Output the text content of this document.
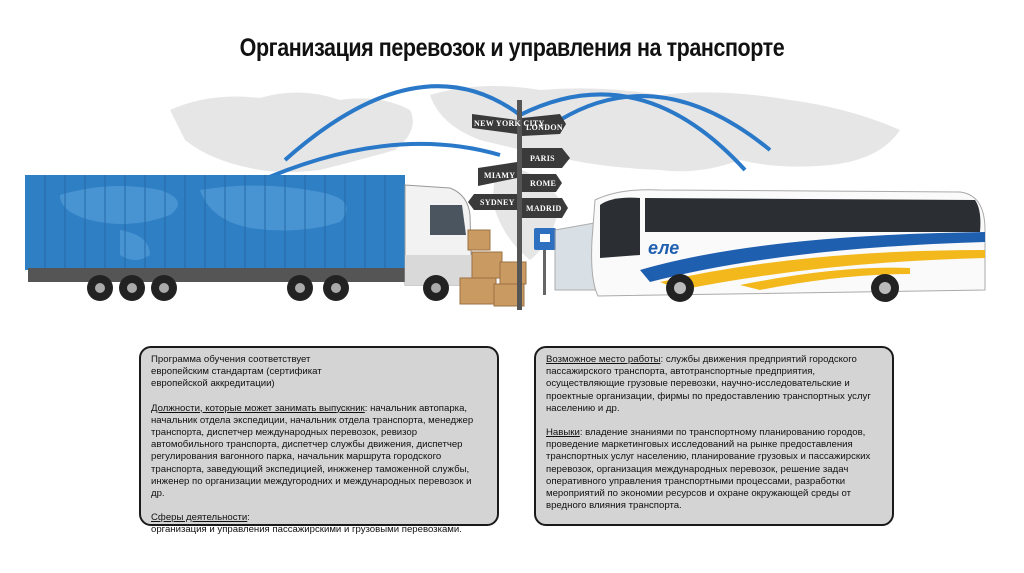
Организация перевозок и управления на транспорте
NEW YORK CITY
LONDON
PARIS
MIAMY
ROME
SYDNEY
MADRID
еле

Программа обучения соответствует европейским стандартам (сертификат европейской аккредитации)

Должности, которые может занимать выпускник: начальник автопарка, начальник отдела экспедиции, начальник отдела транспорта, менеджер транспорта, диспетчер международных перевозок, ревизор автомобильного транспорта, диспетчер службы движения, диспетчер регулирования вагонного парка, начальник маршрута городского транспорта, заведующий экспедицией, инжженер таможенной службы, инженер по организации междугородних и международных перевозок и др.

Сферы деятельности:
организация и управления пассажирскими и грузовыми перевозками.

Возможное место работы: службы движения предприятий городского пассажирского транспорта, автотранспортные предприятия, осуществляющие грузовые перевозки, научно-исследовательские и проектные организации, фирмы по предоставлению транспортных услуг населению и др.

Навыки: владение знаниями по транспортному планированию городов, проведение маркетинговых исследований на рынке предоставления транспортных услуг населению, планирование грузовых и пассажирских перевозок, организация международных перевозок, решение задач оперативного управления транспортными процессами, разработки мероприятий по экономии ресурсов и охране окружающей среды от вредного влияния транспорта.
